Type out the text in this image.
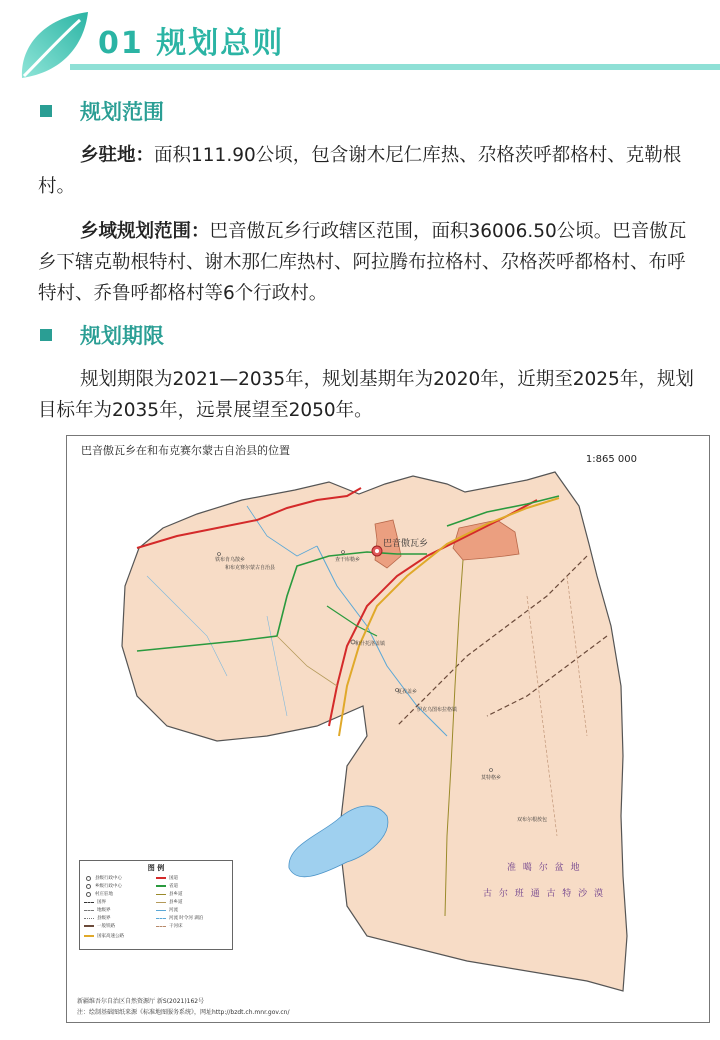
01 规划总则
规划范围
乡驻地：面积111.90公顷，包含谢木尼仁库热、尕格茨呼都格村、克勒根村。
乡域规划范围：巴音傲瓦乡行政辖区范围，面积36006.50公顷。巴音傲瓦乡下辖克勒根特村、谢木那仁库热村、阿拉腾布拉格村、尕格茨呼都格村、布呼特村、乔鲁呼都格村等6个行政村。
规划期限
规划期限为2021—2035年，规划基期年为2020年，近期至2025年，规划目标年为2035年，远景展望至2050年。
巴音傲瓦乡在和布克赛尔蒙古自治县的位置
1:865 000
巴音傲瓦乡
和布克赛尔蒙古自治县
铁布肯乌散乡	查干库勒乡
和什托洛盖镇
夏孜盖乡
伊克乌图布拉格镇
莫特格乡
双布尔根敖包
准 噶 尔 盆 地
古 尔 班 通 古 特 沙 漠
图 例
县级行政中心
乡级行政中心
村庄驻地
国界
地级界
县级界
一般铁路
国家高速公路
国道
省道
县乡道
县乡道
河流
河流 时令河 湖泊
干河床
新疆维吾尔自治区自然资源厅 新S(2021)162号
注：绘制基础图纸来源《标准地图服务系统》，网址http://bzdt.ch.mnr.gov.cn/
